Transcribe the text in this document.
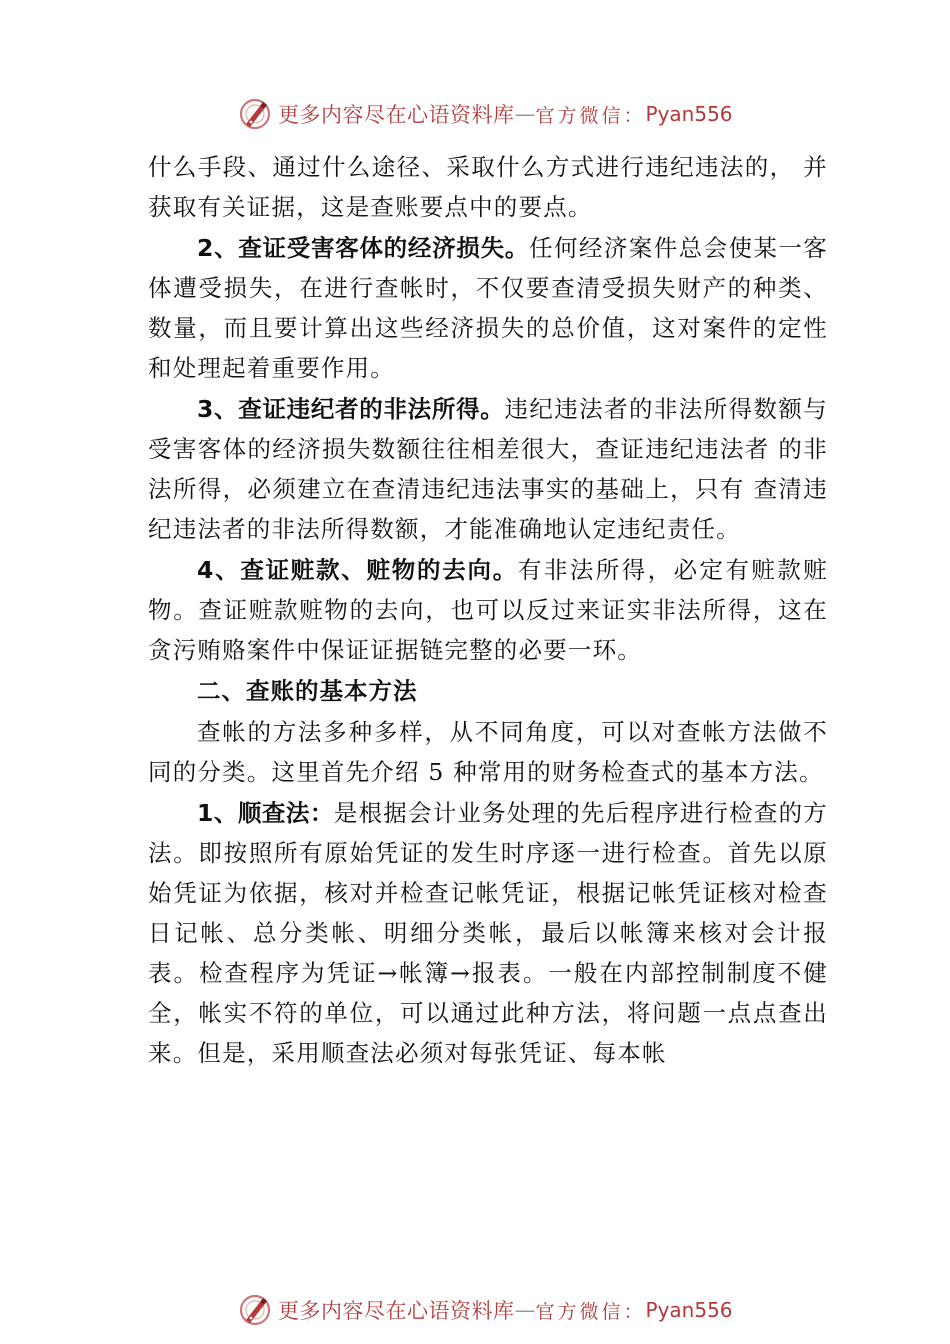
更多内容尽在心语资料库 — 官方微信： Pyan556

什么手段、通过什么途径、采取什么方式进行违纪违法的， 并获取有关证据，这是查账要点中的要点。

2、查证受害客体的经济损失。任何经济案件总会使某一客体遭受损失，在进行查帐时，不仅要查清受损失财产的种类、数量，而且要计算出这些经济损失的总价值，这对案件的定性和处理起着重要作用。

3、查证违纪者的非法所得。违纪违法者的非法所得数额与受害客体的经济损失数额往往相差很大，查证违纪违法者 的非法所得，必须建立在查清违纪违法事实的基础上，只有 查清违纪违法者的非法所得数额，才能准确地认定违纪责任。

4、查证赃款、赃物的去向。有非法所得，必定有赃款赃物。查证赃款赃物的去向，也可以反过来证实非法所得，这在贪污贿赂案件中保证证据链完整的必要一环。

二、查账的基本方法

查帐的方法多种多样，从不同角度，可以对查帐方法做不同的分类。这里首先介绍 5 种常用的财务检查式的基本方法。

1、顺查法：是根据会计业务处理的先后程序进行检查的方法。即按照所有原始凭证的发生时序逐一进行检查。首先以原始凭证为依据，核对并检查记帐凭证，根据记帐凭证核对检查日记帐、总分类帐、明细分类帐，最后以帐簿来核对会计报表。检查程序为凭证→帐簿→报表。一般在内部控制制度不健全，帐实不符的单位，可以通过此种方法，将问题一点点查出来。但是，采用顺查法必须对每张凭证、每本帐

更多内容尽在心语资料库 — 官方微信： Pyan556
